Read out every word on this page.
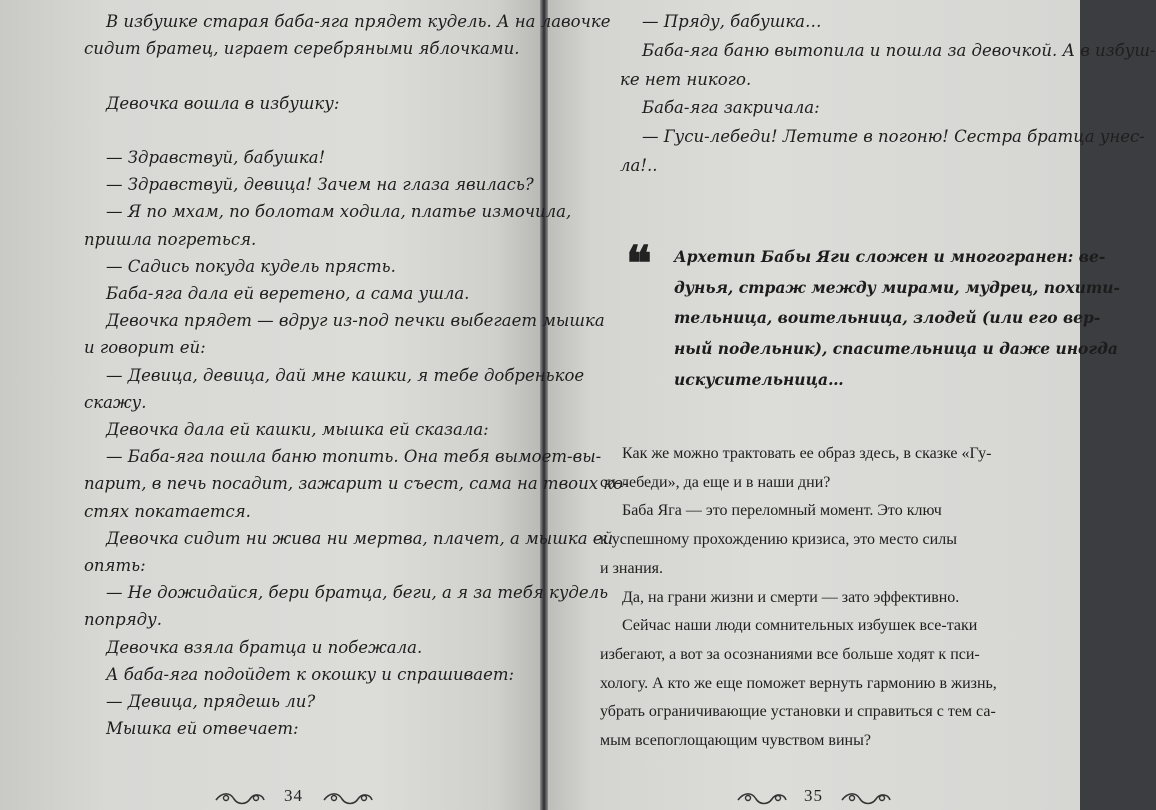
В избушке старая баба-яга прядет кудель. А на лавочке
сидит братец, играет серебряными яблочками.
Девочка вошла в избушку:
— Здравствуй, бабушка!
— Здравствуй, девица! Зачем на глаза явилась?
— Я по мхам, по болотам ходила, платье измочила,
пришла погреться.
— Садись покуда кудель прясть.
Баба-яга дала ей веретено, а сама ушла.
Девочка прядет — вдруг из-под печки выбегает мышка
и говорит ей:
— Девица, девица, дай мне кашки, я тебе добренькое
скажу.
Девочка дала ей кашки, мышка ей сказала:
— Баба-яга пошла баню топить. Она тебя вымоет-вы-
парит, в печь посадит, зажарит и съест, сама на твоих ко-
стях покатается.
Девочка сидит ни жива ни мертва, плачет, а мышка ей
опять:
— Не дожидайся, бери братца, беги, а я за тебя кудель
попряду.
Девочка взяла братца и побежала.
А баба-яга подойдет к окошку и спрашивает:
— Девица, прядешь ли?
Мышка ей отвечает:
— Пряду, бабушка…
Баба-яга баню вытопила и пошла за девочкой. А в избуш-
ке нет никого.
Баба-яга закричала:
— Гуси-лебеди! Летите в погоню! Сестра братца унес-
ла!..
❝ Архетип Бабы Яги сложен и многогранен: ве-
дунья, страж между мирами, мудрец, похити-
тельница, воительница, злодей (или его вер-
ный подельник), спасительница и даже иногда
искусительница…
Как же можно трактовать ее образ здесь, в сказке «Гу-
си-лебеди», да еще и в наши дни?
Баба Яга — это переломный момент. Это ключ
к успешному прохождению кризиса, это место силы
и знания.
Да, на грани жизни и смерти — зато эффективно.
Сейчас наши люди сомнительных избушек все-таки
избегают, а вот за осознаниями все больше ходят к пси-
хологу. А кто же еще поможет вернуть гармонию в жизнь,
убрать ограничивающие установки и справиться с тем са-
мым всепоглощающим чувством вины?
34	35
